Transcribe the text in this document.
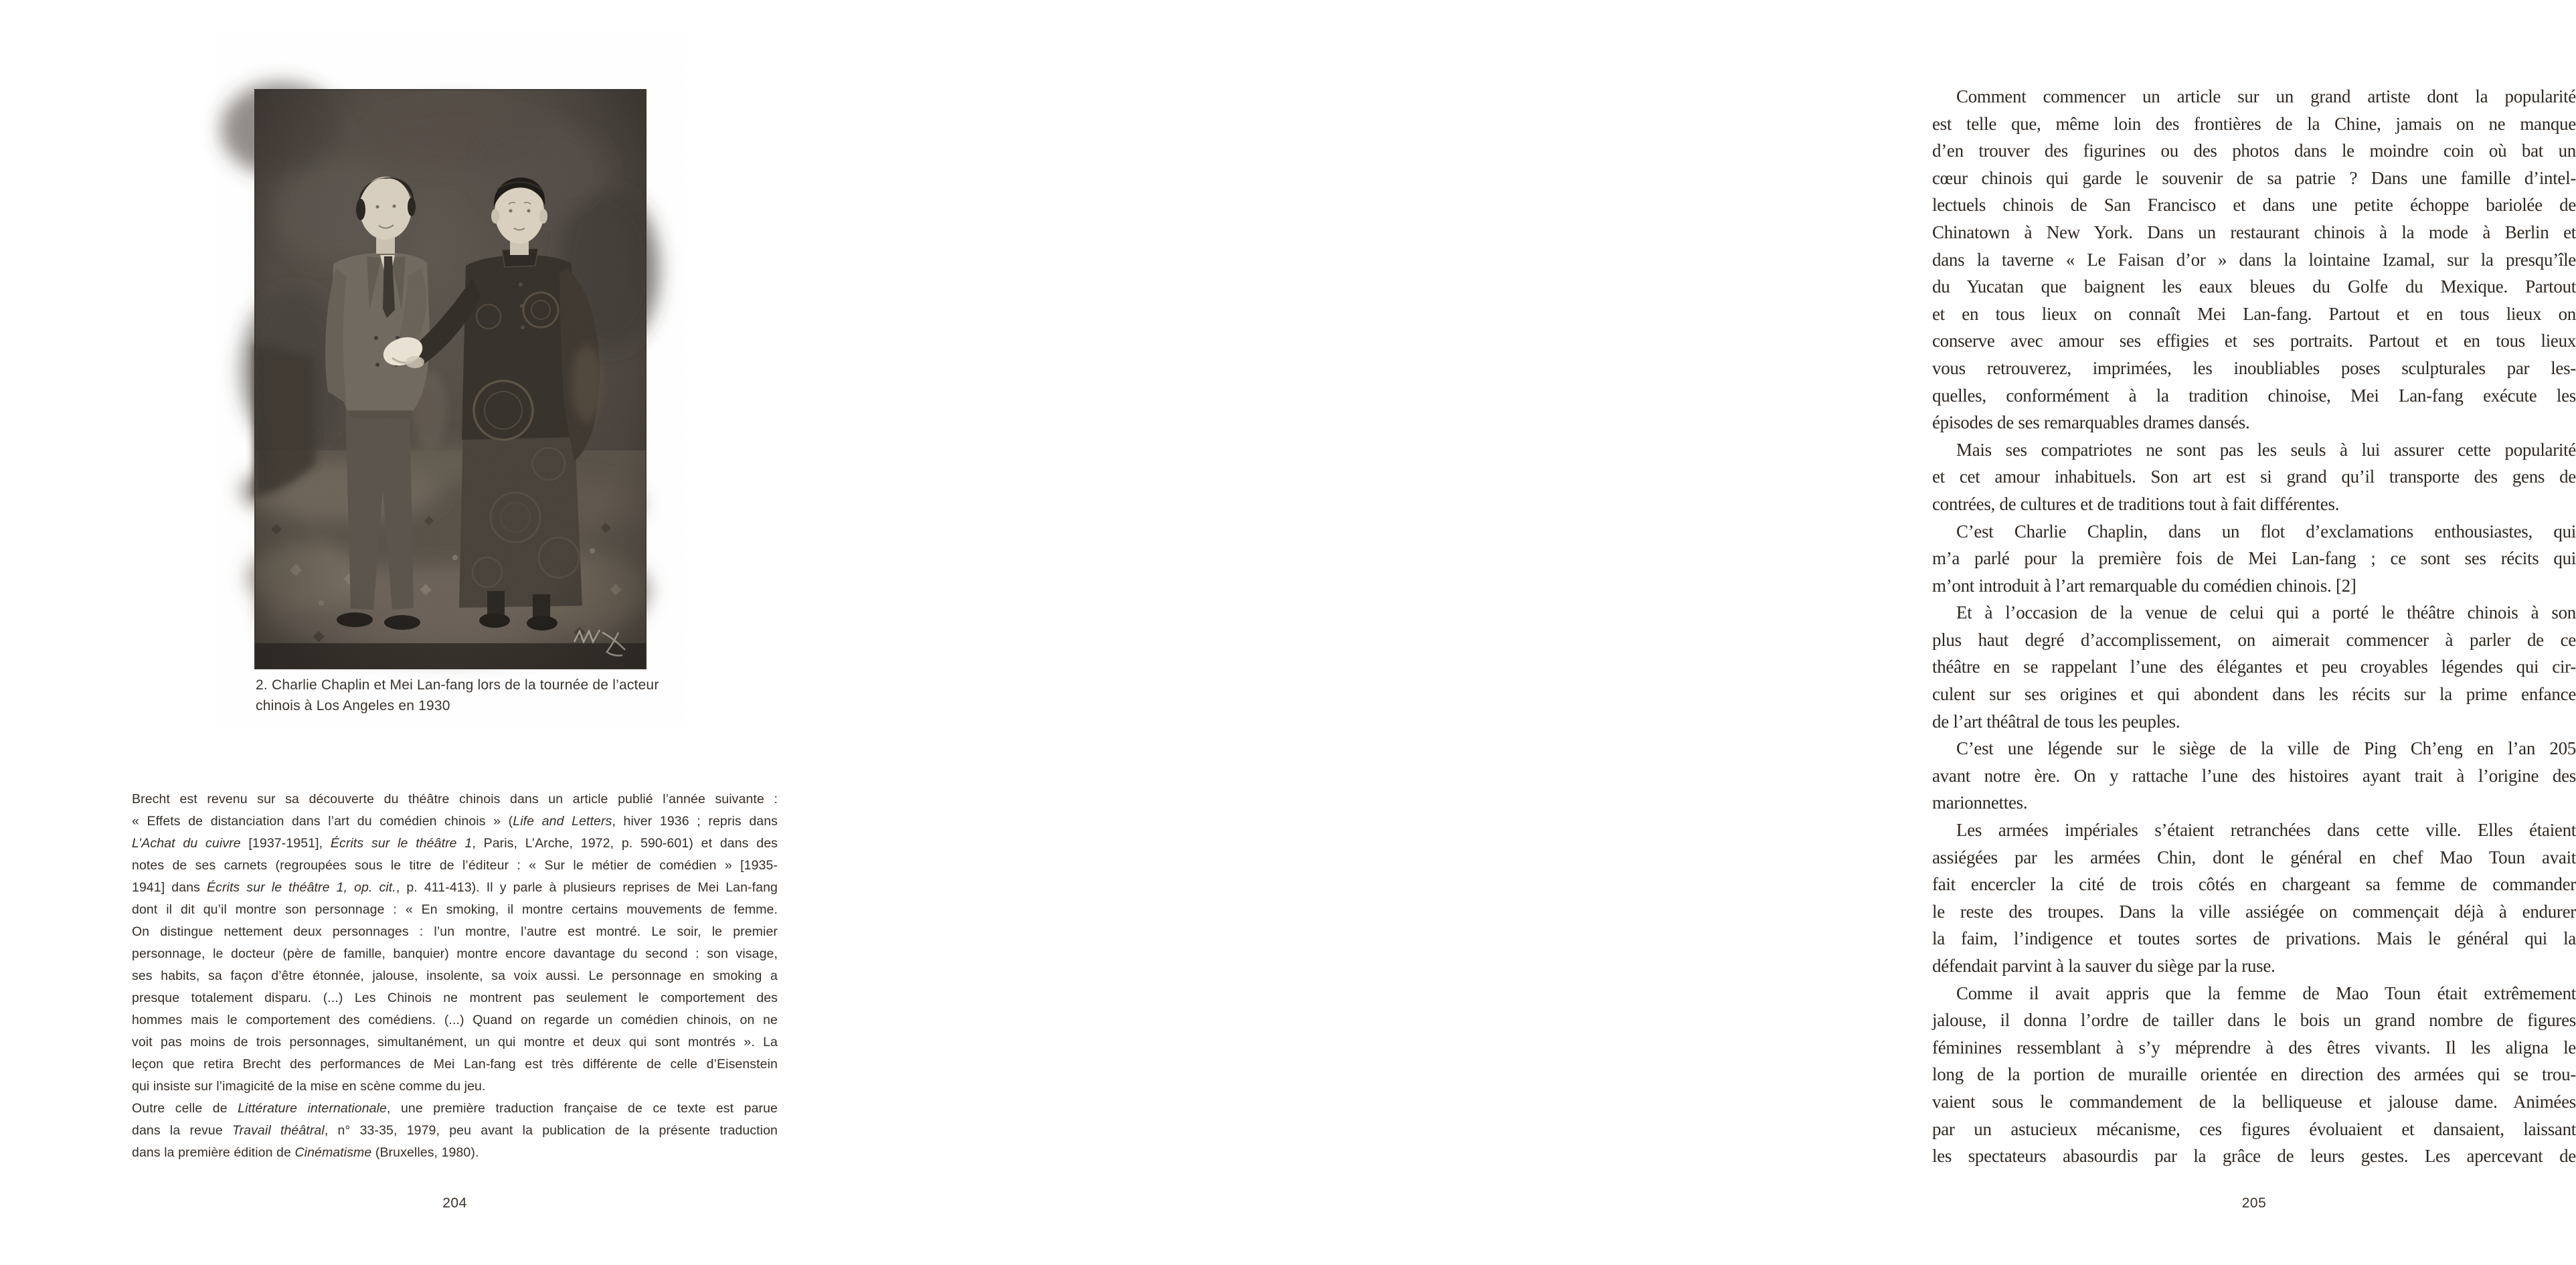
2. Charlie Chaplin et Mei Lan-fang lors de la tournée de l’acteur
chinois à Los Angeles en 1930
Brecht est revenu sur sa découverte du théâtre chinois dans un article publié l’année suivante :
« Effets de distanciation dans l’art du comédien chinois » (Life and Letters, hiver 1936 ; repris dans
L’Achat du cuivre [1937-1951], Écrits sur le théâtre 1, Paris, L’Arche, 1972, p. 590-601) et dans des
notes de ses carnets (regroupées sous le titre de l’éditeur : « Sur le métier de comédien » [1935-
1941] dans Écrits sur le théâtre 1, op. cit., p. 411-413). Il y parle à plusieurs reprises de Mei Lan-fang
dont il dit qu’il montre son personnage : « En smoking, il montre certains mouvements de femme.
On distingue nettement deux personnages : l’un montre, l’autre est montré. Le soir, le premier
personnage, le docteur (père de famille, banquier) montre encore davantage du second : son visage,
ses habits, sa façon d’être étonnée, jalouse, insolente, sa voix aussi. Le personnage en smoking a
presque totalement disparu. (...) Les Chinois ne montrent pas seulement le comportement des
hommes mais le comportement des comédiens. (...) Quand on regarde un comédien chinois, on ne
voit pas moins de trois personnages, simultanément, un qui montre et deux qui sont montrés ». La
leçon que retira Brecht des performances de Mei Lan-fang est très différente de celle d’Eisenstein
qui insiste sur l’imagicité de la mise en scène comme du jeu.
Outre celle de Littérature internationale, une première traduction française de ce texte est parue
dans la revue Travail théâtral, n° 33-35, 1979, peu avant la publication de la présente traduction
dans la première édition de Cinématisme (Bruxelles, 1980).
204
Comment commencer un article sur un grand artiste dont la popularité
est telle que, même loin des frontières de la Chine, jamais on ne manque
d’en trouver des figurines ou des photos dans le moindre coin où bat un
cœur chinois qui garde le souvenir de sa patrie ? Dans une famille d’intel-
lectuels chinois de San Francisco et dans une petite échoppe bariolée de
Chinatown à New York. Dans un restaurant chinois à la mode à Berlin et
dans la taverne « Le Faisan d’or » dans la lointaine Izamal, sur la presqu’île
du Yucatan que baignent les eaux bleues du Golfe du Mexique. Partout
et en tous lieux on connaît Mei Lan-fang. Partout et en tous lieux on
conserve avec amour ses effigies et ses portraits. Partout et en tous lieux
vous retrouverez, imprimées, les inoubliables poses sculpturales par les-
quelles, conformément à la tradition chinoise, Mei Lan-fang exécute les
épisodes de ses remarquables drames dansés.
Mais ses compatriotes ne sont pas les seuls à lui assurer cette popularité
et cet amour inhabituels. Son art est si grand qu’il transporte des gens de
contrées, de cultures et de traditions tout à fait différentes.
C’est Charlie Chaplin, dans un flot d’exclamations enthousiastes, qui
m’a parlé pour la première fois de Mei Lan-fang ; ce sont ses récits qui
m’ont introduit à l’art remarquable du comédien chinois. [2]
Et à l’occasion de la venue de celui qui a porté le théâtre chinois à son
plus haut degré d’accomplissement, on aimerait commencer à parler de ce
théâtre en se rappelant l’une des élégantes et peu croyables légendes qui cir-
culent sur ses origines et qui abondent dans les récits sur la prime enfance
de l’art théâtral de tous les peuples.
C’est une légende sur le siège de la ville de Ping Ch’eng en l’an 205
avant notre ère. On y rattache l’une des histoires ayant trait à l’origine des
marionnettes.
Les armées impériales s’étaient retranchées dans cette ville. Elles étaient
assiégées par les armées Chin, dont le général en chef Mao Toun avait
fait encercler la cité de trois côtés en chargeant sa femme de commander
le reste des troupes. Dans la ville assiégée on commençait déjà à endurer
la faim, l’indigence et toutes sortes de privations. Mais le général qui la
défendait parvint à la sauver du siège par la ruse.
Comme il avait appris que la femme de Mao Toun était extrêmement
jalouse, il donna l’ordre de tailler dans le bois un grand nombre de figures
féminines ressemblant à s’y méprendre à des êtres vivants. Il les aligna le
long de la portion de muraille orientée en direction des armées qui se trou-
vaient sous le commandement de la belliqueuse et jalouse dame. Animées
par un astucieux mécanisme, ces figures évoluaient et dansaient, laissant
les spectateurs abasourdis par la grâce de leurs gestes. Les apercevant de
205
